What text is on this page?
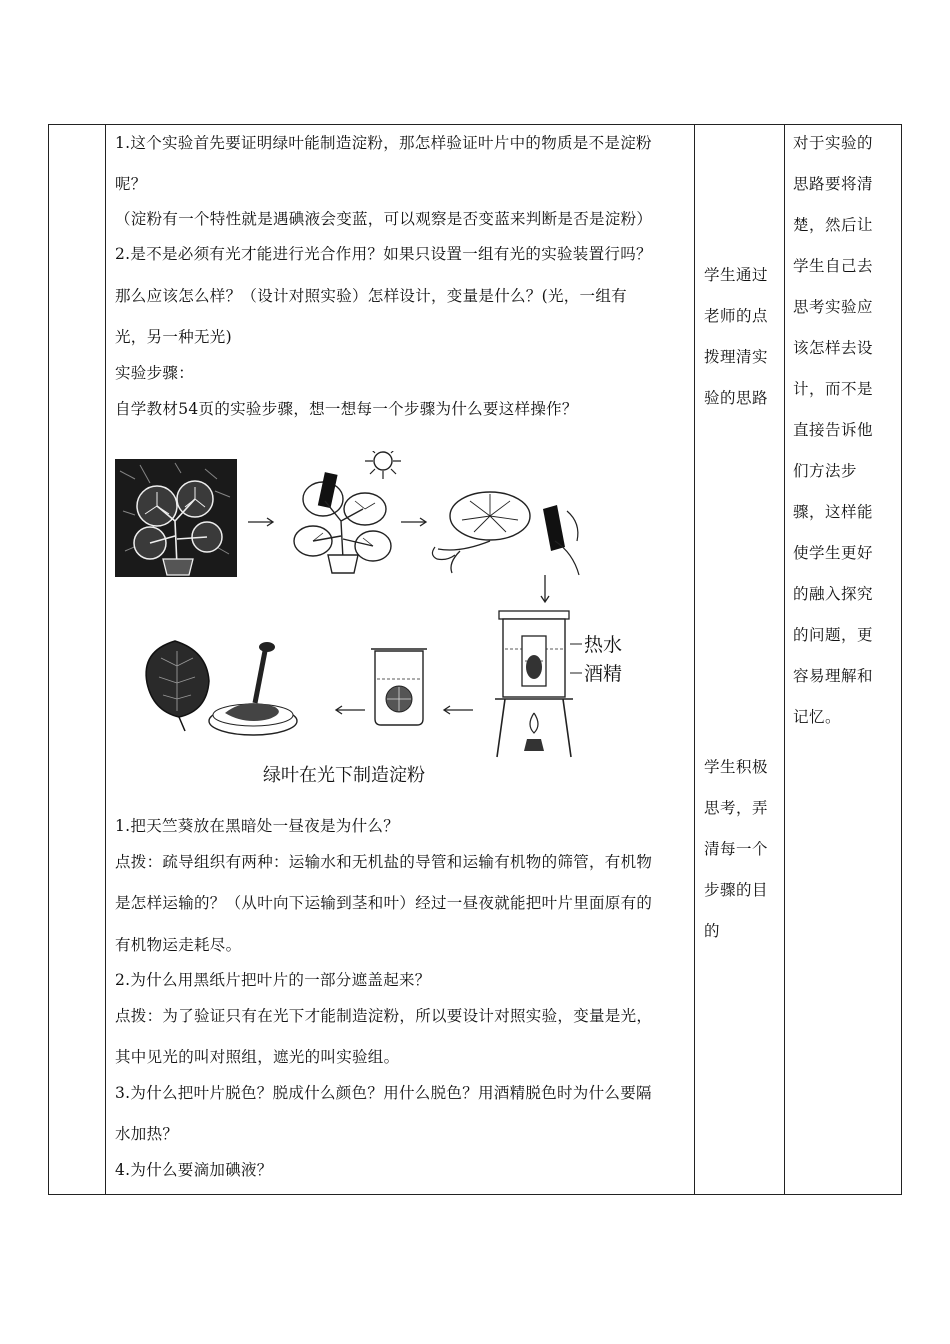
1.这个实验首先要证明绿叶能制造淀粉，那怎样验证叶片中的物质是不是淀粉
呢？
（淀粉有一个特性就是遇碘液会变蓝，可以观察是否变蓝来判断是否是淀粉）
2.是不是必须有光才能进行光合作用？如果只设置一组有光的实验装置行吗？
那么应该怎么样？（设计对照实验）怎样设计，变量是什么？(光，一组有
光，另一种无光)
实验步骤：
自学教材54页的实验步骤，想一想每一个步骤为什么要这样操作？
1.把天竺葵放在黑暗处一昼夜是为什么？
点拨：疏导组织有两种：运输水和无机盐的导管和运输有机物的筛管，有机物
是怎样运输的？（从叶向下运输到茎和叶）经过一昼夜就能把叶片里面原有的
有机物运走耗尽。
2.为什么用黑纸片把叶片的一部分遮盖起来？
点拨：为了验证只有在光下才能制造淀粉，所以要设计对照实验，变量是光，
其中见光的叫对照组，遮光的叫实验组。
3.为什么把叶片脱色？脱成什么颜色？用什么脱色？用酒精脱色时为什么要隔
水加热？
4.为什么要滴加碘液？
热水
酒精
绿叶在光下制造淀粉
学生通过
老师的点
拨理清实
验的思路
学生积极
思考，弄
清每一个
步骤的目
的
对于实验的
思路要将清
楚，然后让
学生自己去
思考实验应
该怎样去设
计，而不是
直接告诉他
们方法步
骤，这样能
使学生更好
的融入探究
的问题，更
容易理解和
记忆。
